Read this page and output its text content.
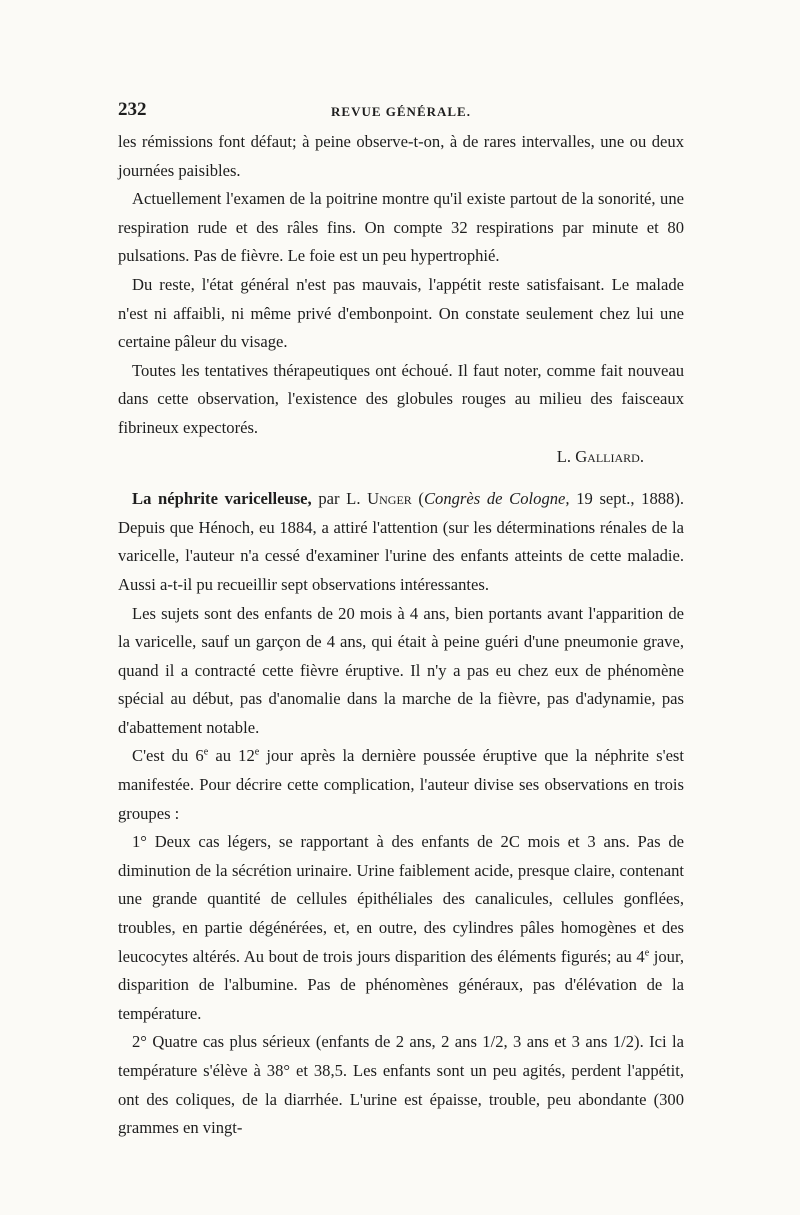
232	REVUE GÉNÉRALE.

les rémissions font défaut; à peine observe-t-on, à de rares intervalles, une ou deux journées paisibles.

Actuellement l'examen de la poitrine montre qu'il existe partout de la sonorité, une respiration rude et des râles fins. On compte 32 respirations par minute et 80 pulsations. Pas de fièvre. Le foie est un peu hypertrophié.

Du reste, l'état général n'est pas mauvais, l'appétit reste satisfaisant. Le malade n'est ni affaibli, ni même privé d'embonpoint. On constate seulement chez lui une certaine pâleur du visage.

Toutes les tentatives thérapeutiques ont échoué. Il faut noter, comme fait nouveau dans cette observation, l'existence des globules rouges au milieu des faisceaux fibrineux expectorés.

L. Galliard.

La néphrite varicelleuse, par L. Unger (Congrès de Cologne, 19 sept., 1888). Depuis que Hénoch, eu 1884, a attiré l'attention (sur les déterminations rénales de la varicelle, l'auteur n'a cessé d'examiner l'urine des enfants atteints de cette maladie. Aussi a-t-il pu recueillir sept observations intéressantes.

Les sujets sont des enfants de 20 mois à 4 ans, bien portants avant l'apparition de la varicelle, sauf un garçon de 4 ans, qui était à peine guéri d'une pneumonie grave, quand il a contracté cette fièvre éruptive. Il n'y a pas eu chez eux de phénomène spécial au début, pas d'anomalie dans la marche de la fièvre, pas d'adynamie, pas d'abattement notable.

C'est du 6e au 12e jour après la dernière poussée éruptive que la néphrite s'est manifestée. Pour décrire cette complication, l'auteur divise ses observations en trois groupes :

1° Deux cas légers, se rapportant à des enfants de 2C mois et 3 ans. Pas de diminution de la sécrétion urinaire. Urine faiblement acide, presque claire, contenant une grande quantité de cellules épithéliales des canalicules, cellules gonflées, troubles, en partie dégénérées, et, en outre, des cylindres pâles homogènes et des leucocytes altérés. Au bout de trois jours disparition des éléments figurés; au 4e jour, disparition de l'albumine. Pas de phénomènes généraux, pas d'élévation de la température.

2° Quatre cas plus sérieux (enfants de 2 ans, 2 ans 1/2, 3 ans et 3 ans 1/2). Ici la température s'élève à 38° et 38,5. Les enfants sont un peu agités, perdent l'appétit, ont des coliques, de la diarrhée. L'urine est épaisse, trouble, peu abondante (300 grammes en vingt-
